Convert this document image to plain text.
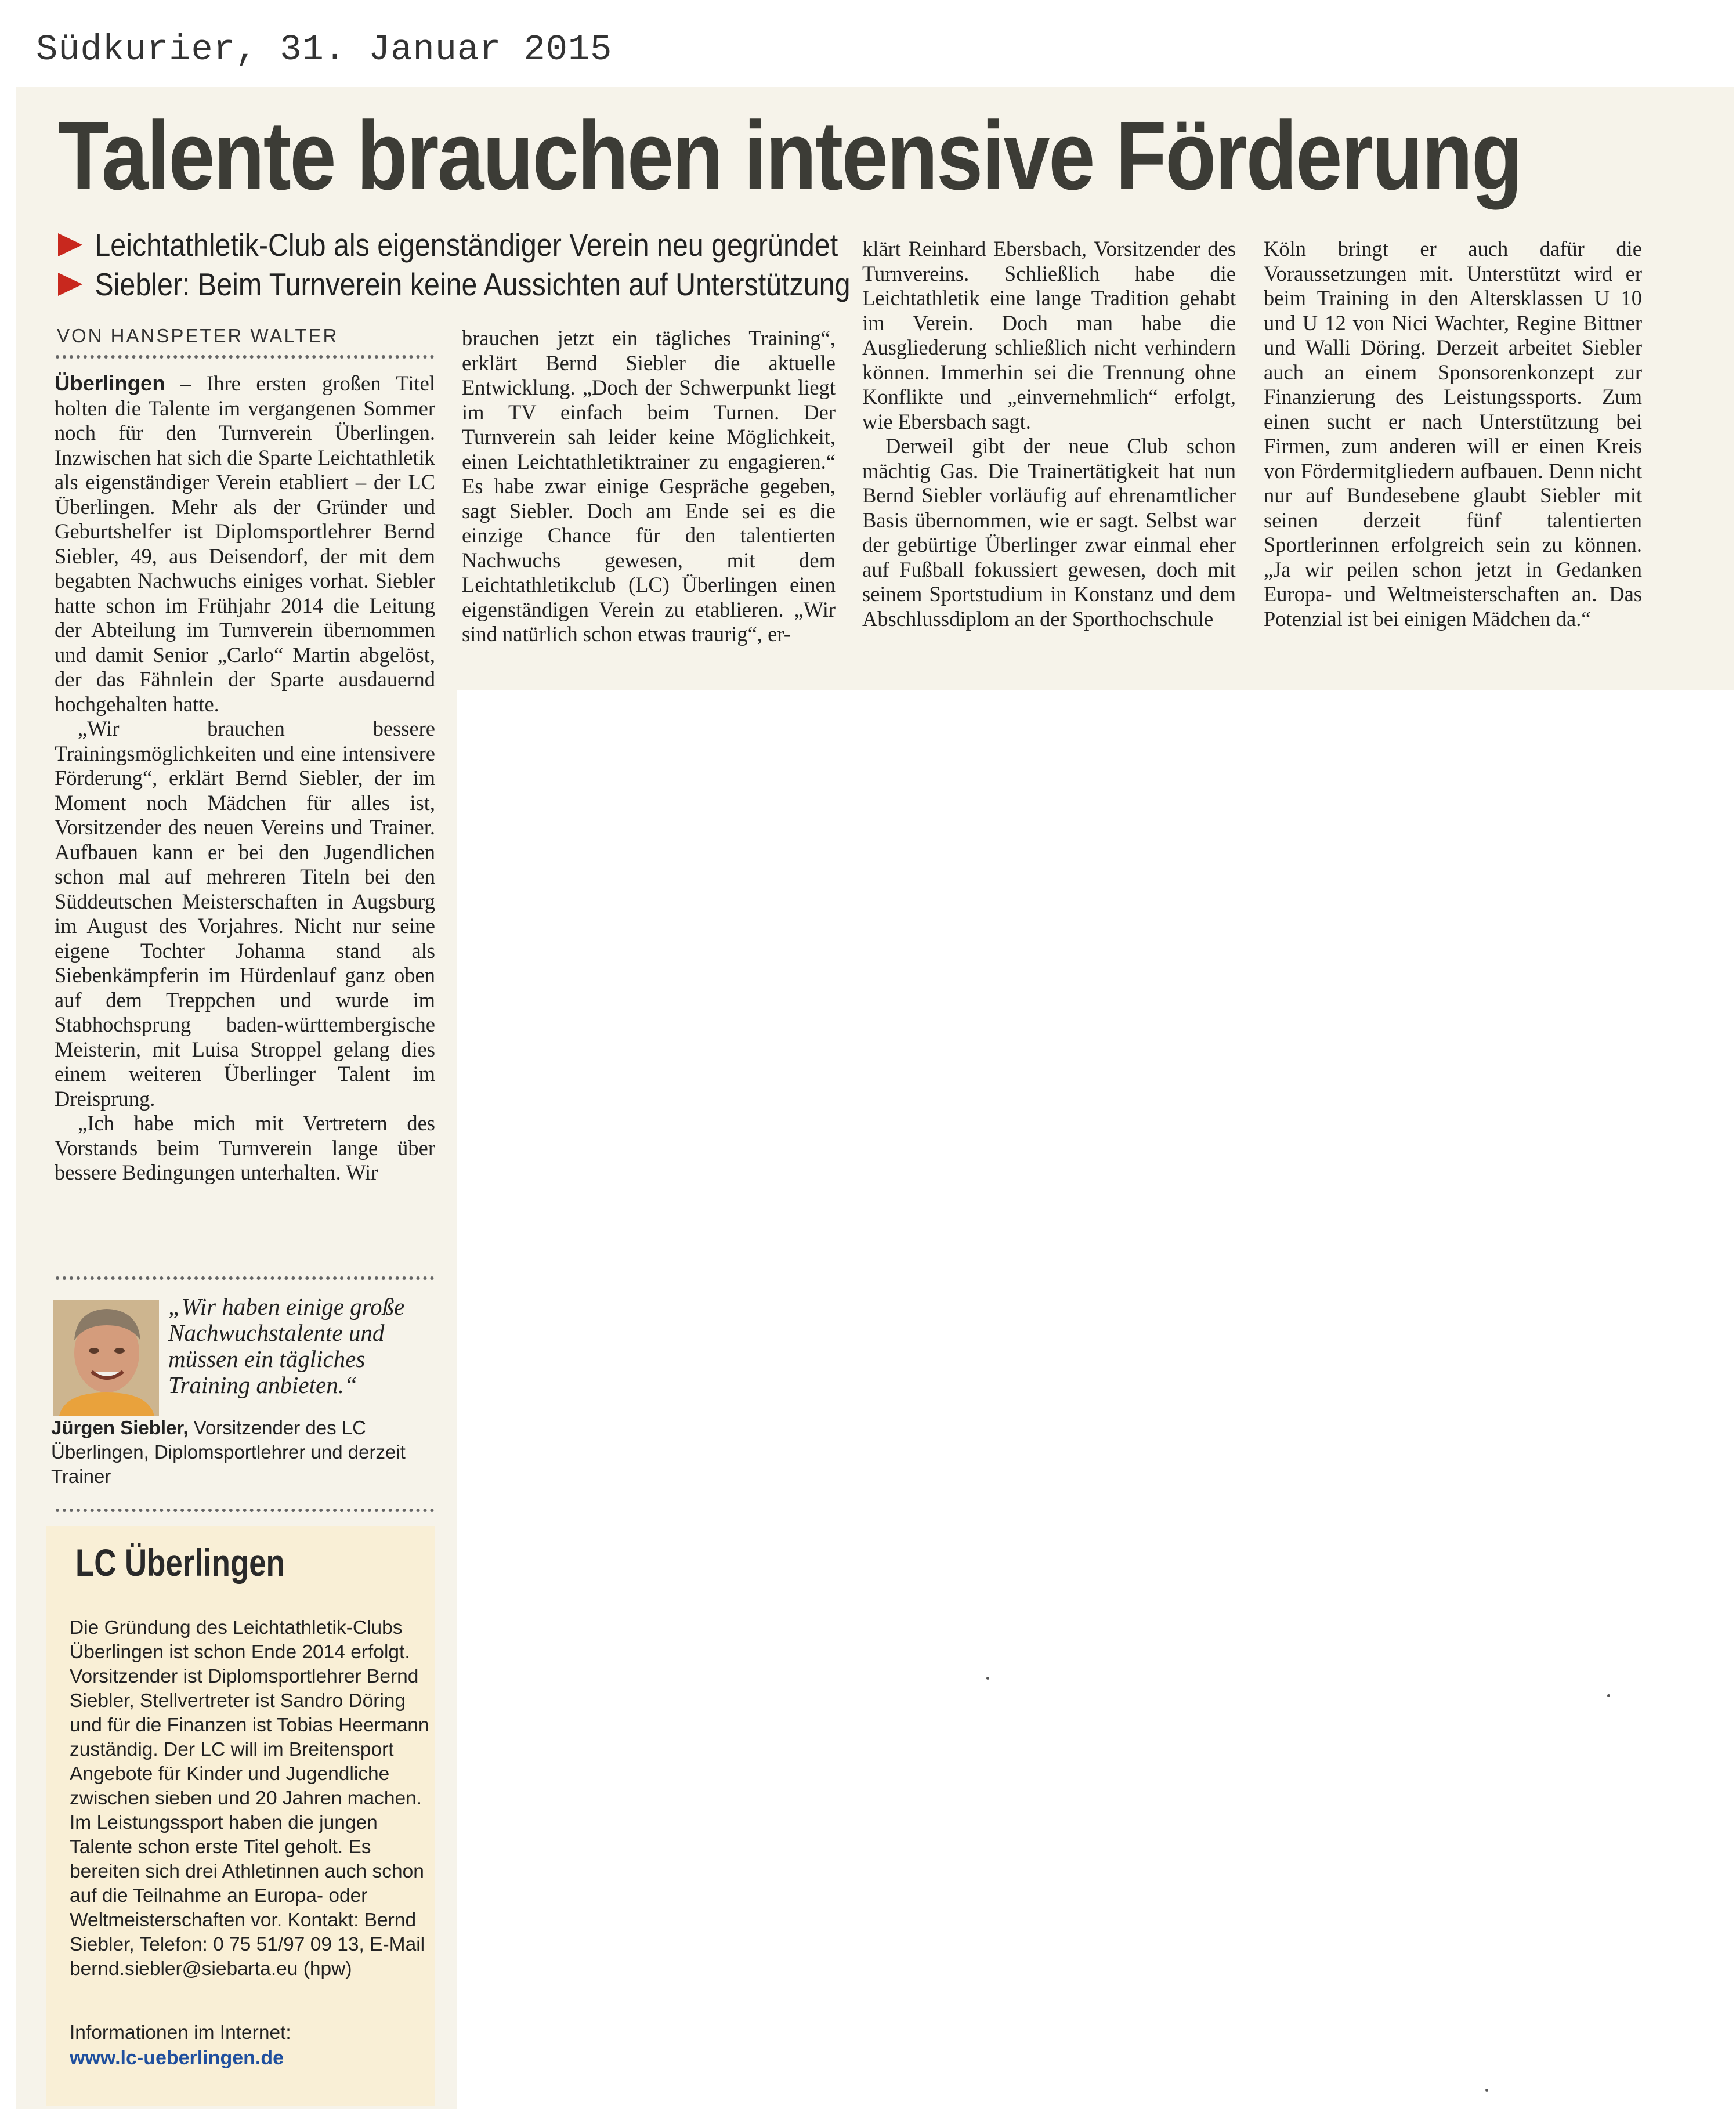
Südkurier, 31. Januar 2015
Talente brauchen intensive Förderung
Leichtathletik-Club als eigenständiger Verein neu gegründet
Siebler: Beim Turnverein keine Aussichten auf Unterstützung
VON HANSPETER WALTER

Überlingen – Ihre ersten großen Titel holten die Talente im vergangenen Sommer noch für den Turnverein Überlingen. Inzwischen hat sich die Sparte Leichtathletik als eigenständiger Verein etabliert – der LC Überlingen. Mehr als der Gründer und Geburtshelfer ist Diplomsportlehrer Bernd Siebler, 49, aus Deisendorf, der mit dem begabten Nachwuchs einiges vorhat. Siebler hatte schon im Frühjahr 2014 die Leitung der Abteilung im Turnverein übernommen und damit Senior „Carlo“ Martin abgelöst, der das Fähnlein der Sparte ausdauernd hochgehalten hatte.

„Wir brauchen bessere Trainingsmöglichkeiten und eine intensivere Förderung“, erklärt Bernd Siebler, der im Moment noch Mädchen für alles ist, Vorsitzender des neuen Vereins und Trainer. Aufbauen kann er bei den Jugendlichen schon mal auf mehreren Titeln bei den Süddeutschen Meisterschaften in Augsburg im August des Vorjahres. Nicht nur seine eigene Tochter Johanna stand als Siebenkämpferin im Hürdenlauf ganz oben auf dem Treppchen und wurde im Stabhochsprung baden-württembergische Meisterin, mit Luisa Stroppel gelang dies einem weiteren Überlinger Talent im Dreisprung.

„Ich habe mich mit Vertretern des Vorstands beim Turnverein lange über bessere Bedingungen unterhalten. Wir

brauchen jetzt ein tägliches Training“, erklärt Bernd Siebler die aktuelle Entwicklung. „Doch der Schwerpunkt liegt im TV einfach beim Turnen. Der Turnverein sah leider keine Möglichkeit, einen Leichtathletiktrainer zu engagieren.“ Es habe zwar einige Gespräche gegeben, sagt Siebler. Doch am Ende sei es die einzige Chance für den talentierten Nachwuchs gewesen, mit dem Leichtathletikclub (LC) Überlingen einen eigenständigen Verein zu etablieren. „Wir sind natürlich schon etwas traurig“, er-

klärt Reinhard Ebersbach, Vorsitzender des Turnvereins. Schließlich habe die Leichtathletik eine lange Tradition gehabt im Verein. Doch man habe die Ausgliederung schließlich nicht verhindern können. Immerhin sei die Trennung ohne Konflikte und „einvernehmlich“ erfolgt, wie Ebersbach sagt.

Derweil gibt der neue Club schon mächtig Gas. Die Trainertätigkeit hat nun Bernd Siebler vorläufig auf ehrenamtlicher Basis übernommen, wie er sagt. Selbst war der gebürtige Überlinger zwar einmal eher auf Fußball fokussiert gewesen, doch mit seinem Sportstudium in Konstanz und dem Abschlussdiplom an der Sporthochschule

Köln bringt er auch dafür die Voraussetzungen mit. Unterstützt wird er beim Training in den Altersklassen U 10 und U 12 von Nici Wachter, Regine Bittner und Walli Döring. Derzeit arbeitet Siebler auch an einem Sponsorenkonzept zur Finanzierung des Leistungssports. Zum einen sucht er nach Unterstützung bei Firmen, zum anderen will er einen Kreis von Fördermitgliedern aufbauen. Denn nicht nur auf Bundesebene glaubt Siebler mit seinen derzeit fünf talentierten Sportlerinnen erfolgreich sein zu können. „Ja wir peilen schon jetzt in Gedanken Europa- und Weltmeisterschaften an. Das Potenzial ist bei einigen Mädchen da.“

„Wir haben einige große Nachwuchstalente und müssen ein tägliches Training anbieten.“
Jürgen Siebler, Vorsitzender des LC Überlingen, Diplomsportlehrer und derzeit Trainer
LC Überlingen
Die Gründung des Leichtathletik-Clubs Überlingen ist schon Ende 2014 erfolgt. Vorsitzender ist Diplomsportlehrer Bernd Siebler, Stellvertreter ist Sandro Döring und für die Finanzen ist Tobias Heermann zuständig. Der LC will im Breitensport Angebote für Kinder und Jugendliche zwischen sieben und 20 Jahren machen. Im Leistungssport haben die jungen Talente schon erste Titel geholt. Es bereiten sich drei Athletinnen auch schon auf die Teilnahme an Europa- oder Weltmeisterschaften vor. Kontakt: Bernd Siebler, Telefon: 0 75 51/97 09 13, E-Mail bernd.siebler@siebarta.eu (hpw)
Informationen im Internet:
www.lc-ueberlingen.de
